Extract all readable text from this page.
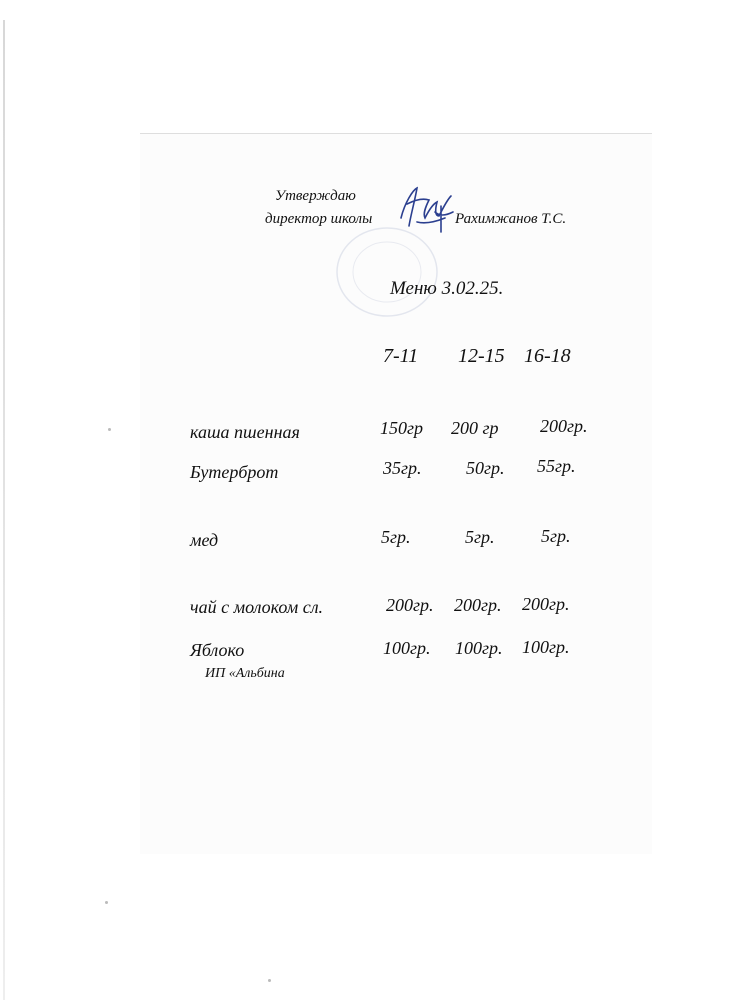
Утверждаю
директор школы	Рахимжанов Т.С.
Меню 3.02.25.
7-11 12-15 16-18
каша пшенная	150гр 200 гр 200гр.
Бутерброт	35гр. 50гр. 55гр.
мед	5гр.	5гр.	5гр.
чай с молоком сл.	200гр. 200гр. 200гр.
Яблоко	100гр. 100гр. 100гр.
ИП «Альбина
